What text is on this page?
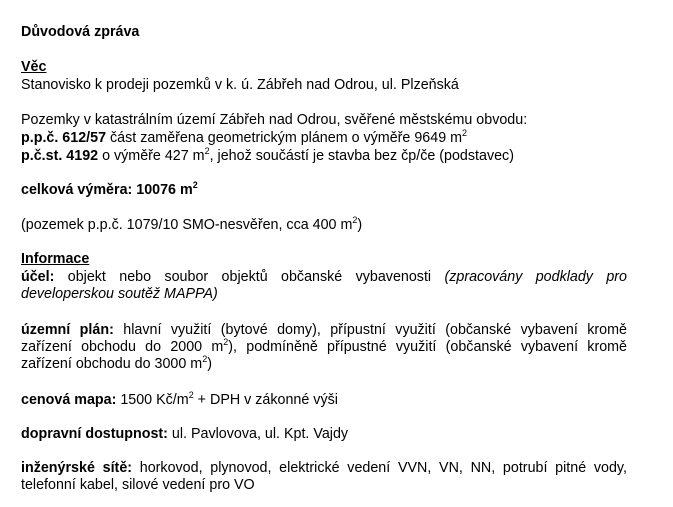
Důvodová zpráva
Věc
Stanovisko k prodeji pozemků v k. ú. Zábřeh nad Odrou, ul. Plzeňská
Pozemky v katastrálním území Zábřeh nad Odrou, svěřené městskému obvodu:
p.p.č. 612/57 část zaměřena geometrickým plánem o výměře 9649 $m^2$
p.č.st. 4192 o výměře 427 $m^2$, jehož součástí je stavba bez čp/če (podstavec)
celková výměra: 10076 $m^2$
(pozemek p.p.č. 1079/10 SMO-nesvěřen, cca 400 $m^2$)
Informace
účel: objekt nebo soubor objektů občanské vybavenosti (zpracovány podklady pro developerskou soutěž MAPPA)
územní plán: hlavní využití (bytové domy), přípustní využití (občanské vybavení kromě zařízení obchodu do 2000 $m^2$), podmíněně přípustné využití (občanské vybavení kromě zařízení obchodu do 3000 $m^2$)
cenová mapa: 1500 $Kč/m^2$ + DPH v zákonné výši
dopravní dostupnost: ul. Pavlovova, ul. Kpt. Vajdy
inženýrské sítě: horkovod, plynovod, elektrické vedení VVN, VN, NN, potrubí pitné vody, telefonní kabel, silové vedení pro VO
